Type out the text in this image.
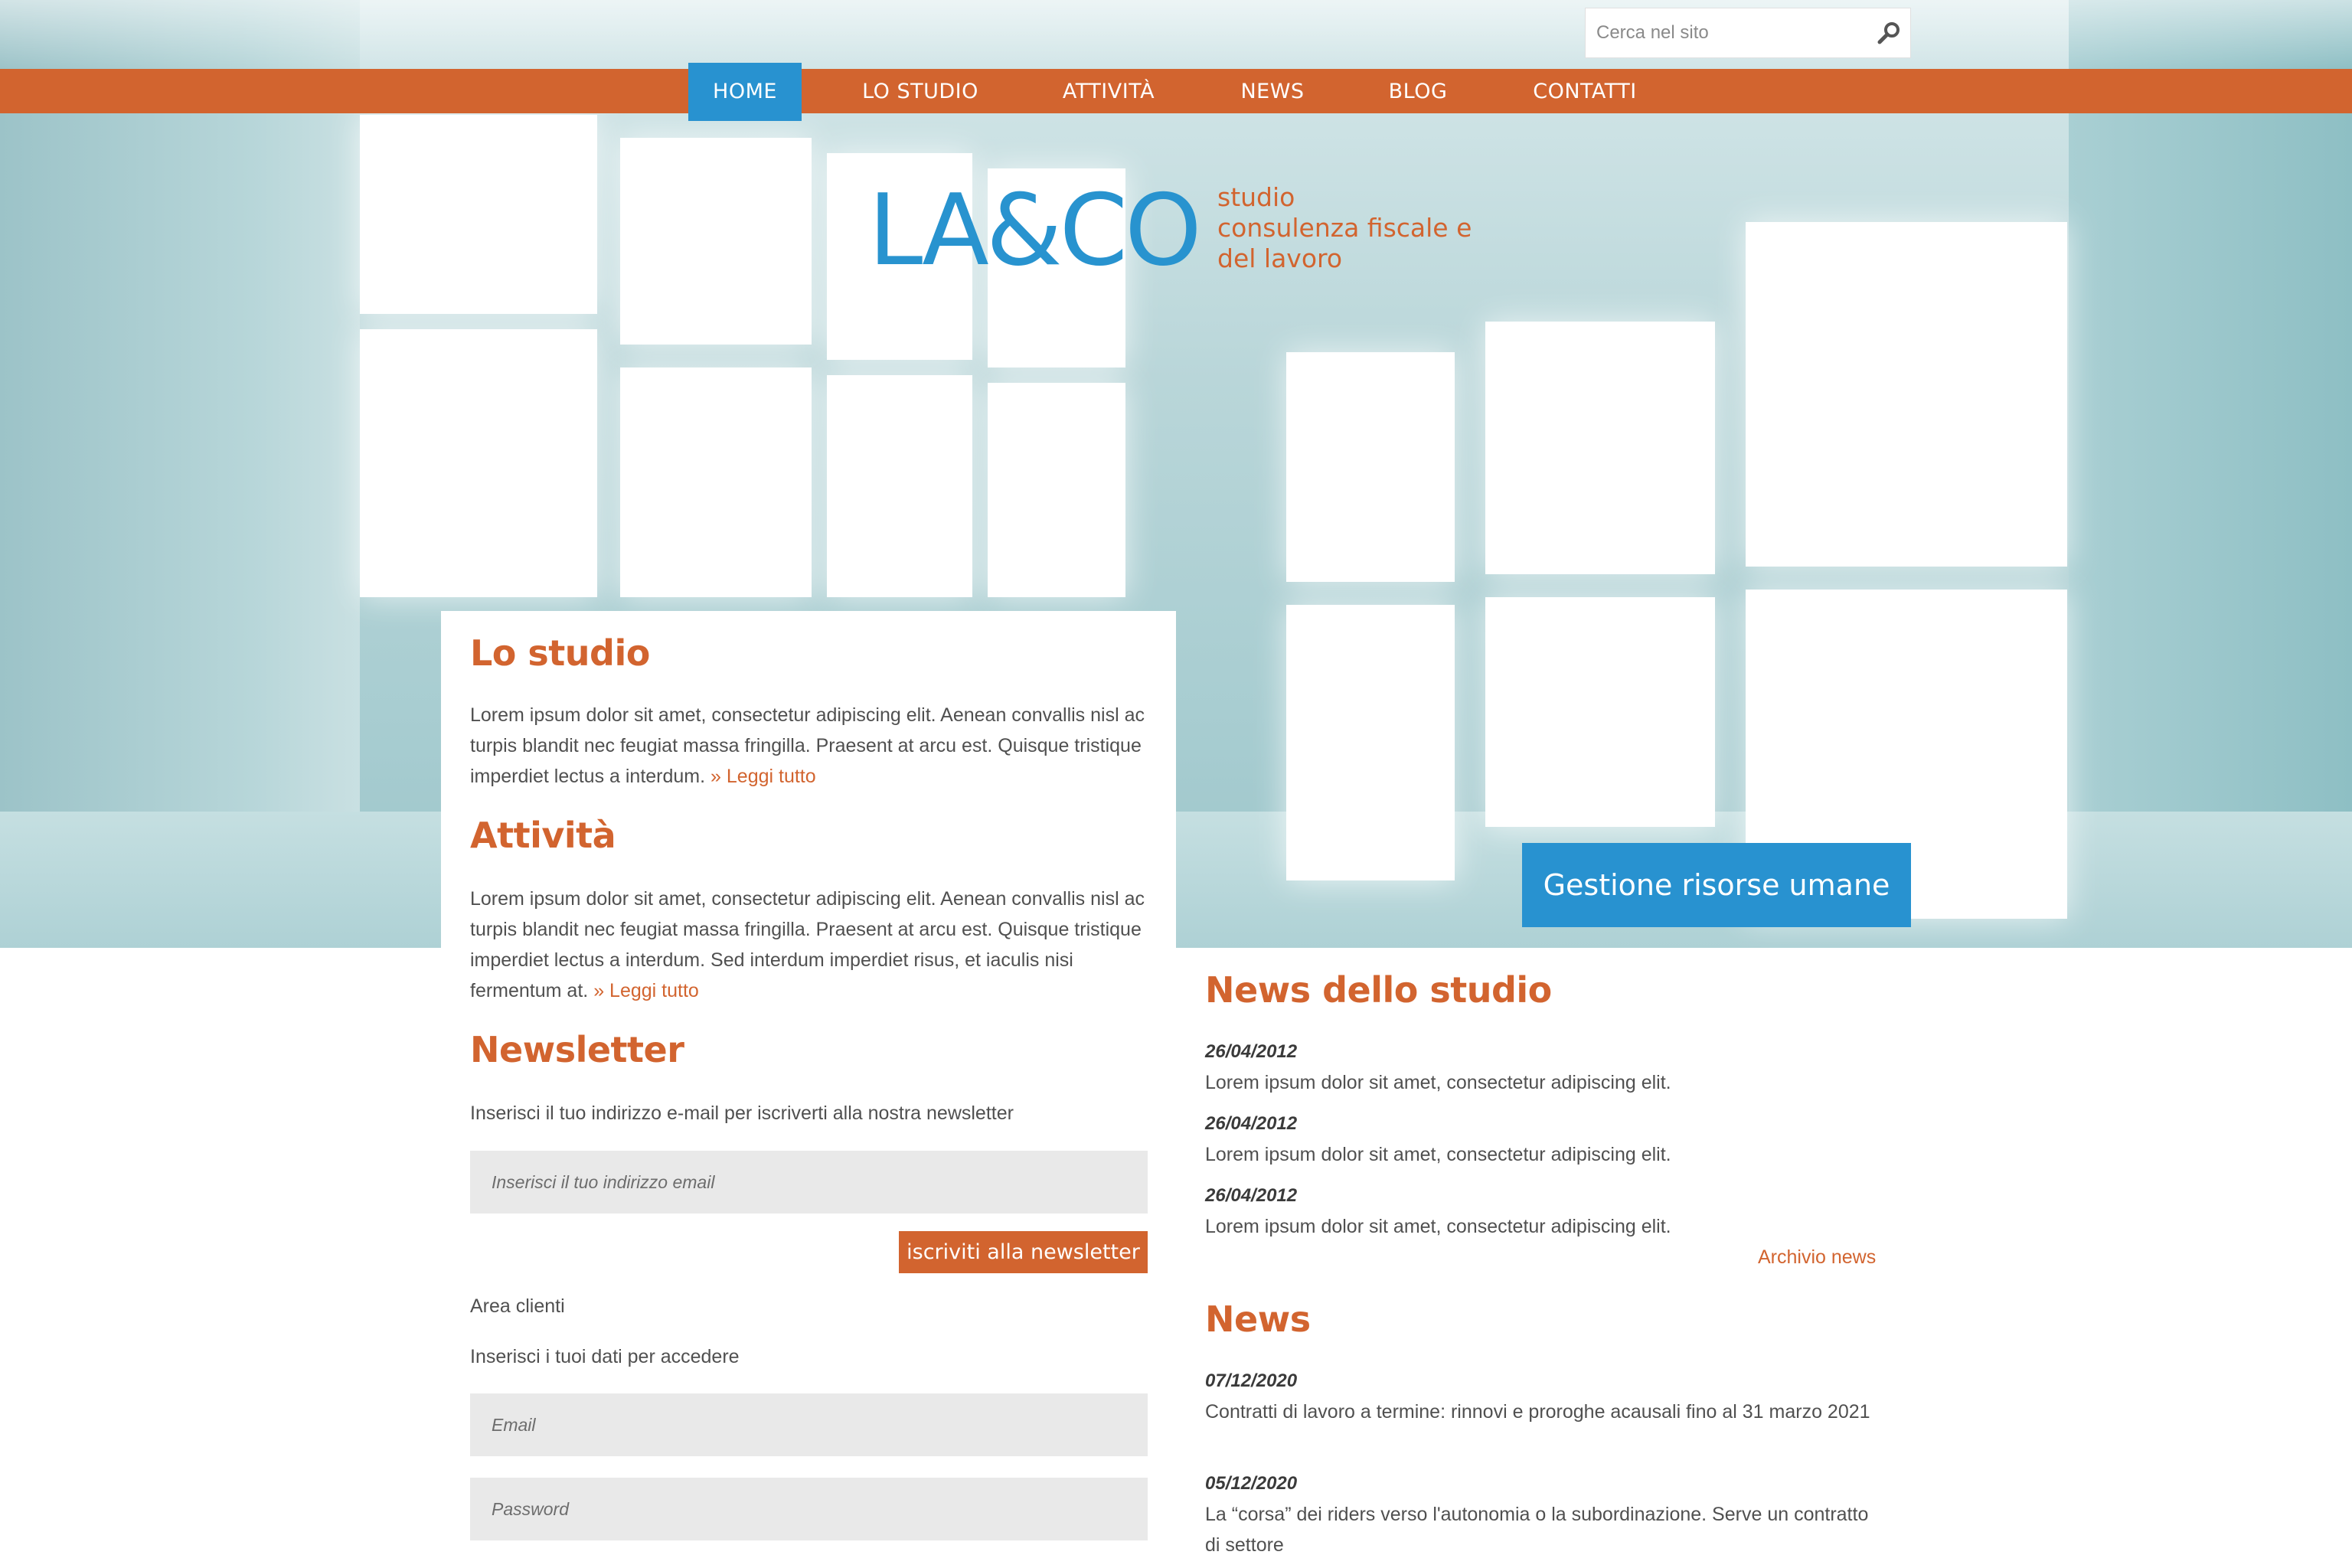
Cerca nel sito
HOME	LO STUDIO	ATTIVITÀ	NEWS	BLOG	CONTATTI
LA&CO studio
consulenza fiscale e
del lavoro
Gestione risorse umane
Lo studio
Lorem ipsum dolor sit amet, consectetur adipiscing elit. Aenean convallis nisl ac turpis blandit nec feugiat massa fringilla. Praesent at arcu est. Quisque tristique imperdiet lectus a interdum. » Leggi tutto
Attività
Lorem ipsum dolor sit amet, consectetur adipiscing elit. Aenean convallis nisl ac turpis blandit nec feugiat massa fringilla. Praesent at arcu est. Quisque tristique imperdiet lectus a interdum. Sed interdum imperdiet risus, et iaculis nisi fermentum at. » Leggi tutto
Newsletter
Inserisci il tuo indirizzo e-mail per iscriverti alla nostra newsletter
Inserisci il tuo indirizzo email
iscriviti alla newsletter
Area clienti
Inserisci i tuoi dati per accedere
Email
News dello studio
26/04/2012
Lorem ipsum dolor sit amet, consectetur adipiscing elit.
26/04/2012
Lorem ipsum dolor sit amet, consectetur adipiscing elit.
26/04/2012
Lorem ipsum dolor sit amet, consectetur adipiscing elit.
Archivio news
News
07/12/2020
Contratti di lavoro a termine: rinnovi e proroghe acausali fino al 31 marzo 2021
05/12/2020
La “corsa” dei riders verso l'autonomia o la subordinazione. Serve un contratto di settore
